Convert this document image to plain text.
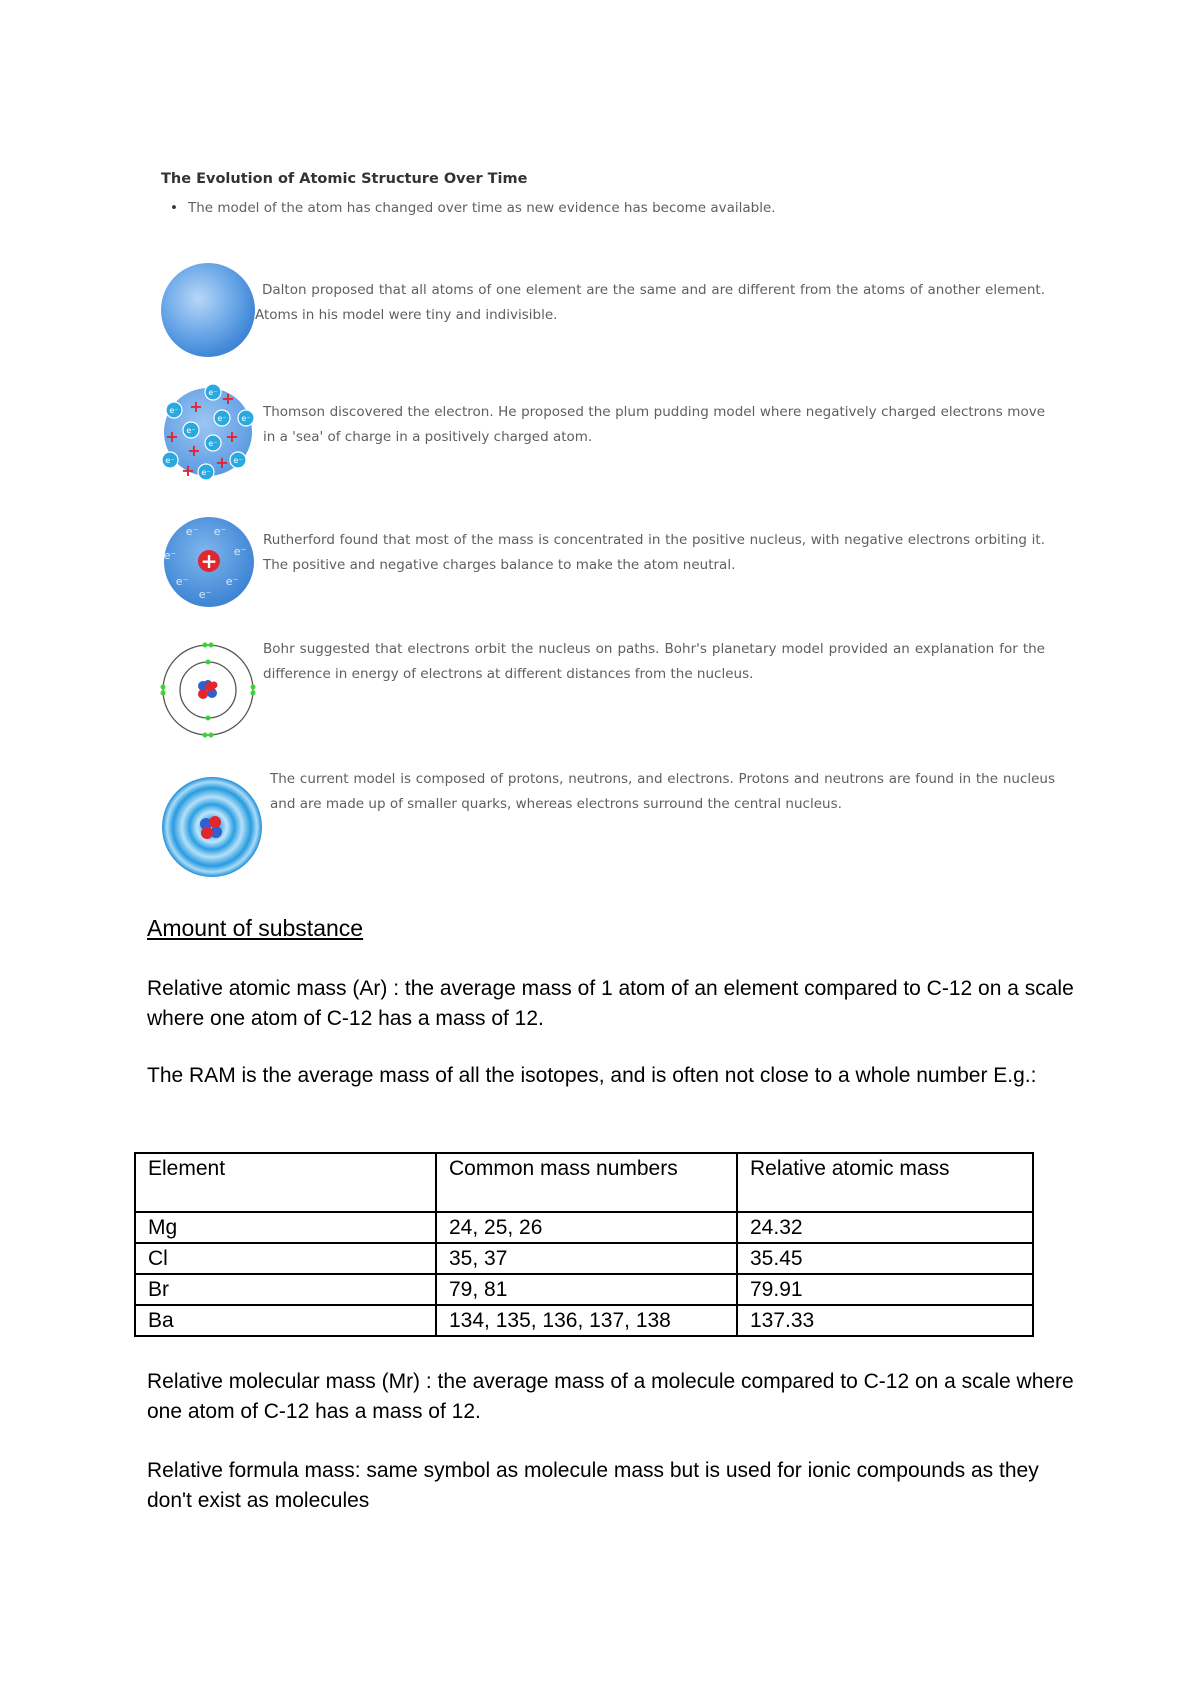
The Evolution of Atomic Structure Over Time
• The model of the atom has changed over time as new evidence has become available.
Dalton proposed that all atoms of one element are the same and are different from the atoms of another element. Atoms in his model were tiny and indivisible.
e⁻
e⁻
e⁻
e⁻ e⁻
e⁻
e⁻	e⁻
e⁻
+ +
+	+
+
+ +
Thomson discovered the electron. He proposed the plum pudding model where negatively charged electrons move in a 'sea' of charge in a positively charged atom.
+
e⁻ e⁻
e⁻	e⁻
e⁻	e⁻
e⁻
Rutherford found that most of the mass is concentrated in the positive nucleus, with negative electrons orbiting it. The positive and negative charges balance to make the atom neutral.
Bohr suggested that electrons orbit the nucleus on paths. Bohr's planetary model provided an explanation for the difference in energy of electrons at different distances from the nucleus.
The current model is composed of protons, neutrons, and electrons. Protons and neutrons are found in the nucleus and are made up of smaller quarks, whereas electrons surround the central nucleus.
Amount of substance
Relative atomic mass (Ar) : the average mass of 1 atom of an element compared to C-12 on a scale where one atom of C-12 has a mass of 12.
The RAM is the average mass of all the isotopes, and is often not close to a whole number E.g.:
Element	Common mass numbers	Relative atomic mass
Mg	24, 25, 26	24.32
Cl	35, 37	35.45
Br	79, 81	79.91
Ba	134, 135, 136, 137, 138	137.33
Relative molecular mass (Mr) : the average mass of a molecule compared to C-12 on a scale where one atom of C-12 has a mass of 12.
Relative formula mass: same symbol as molecule mass but is used for ionic compounds as they don't exist as molecules
